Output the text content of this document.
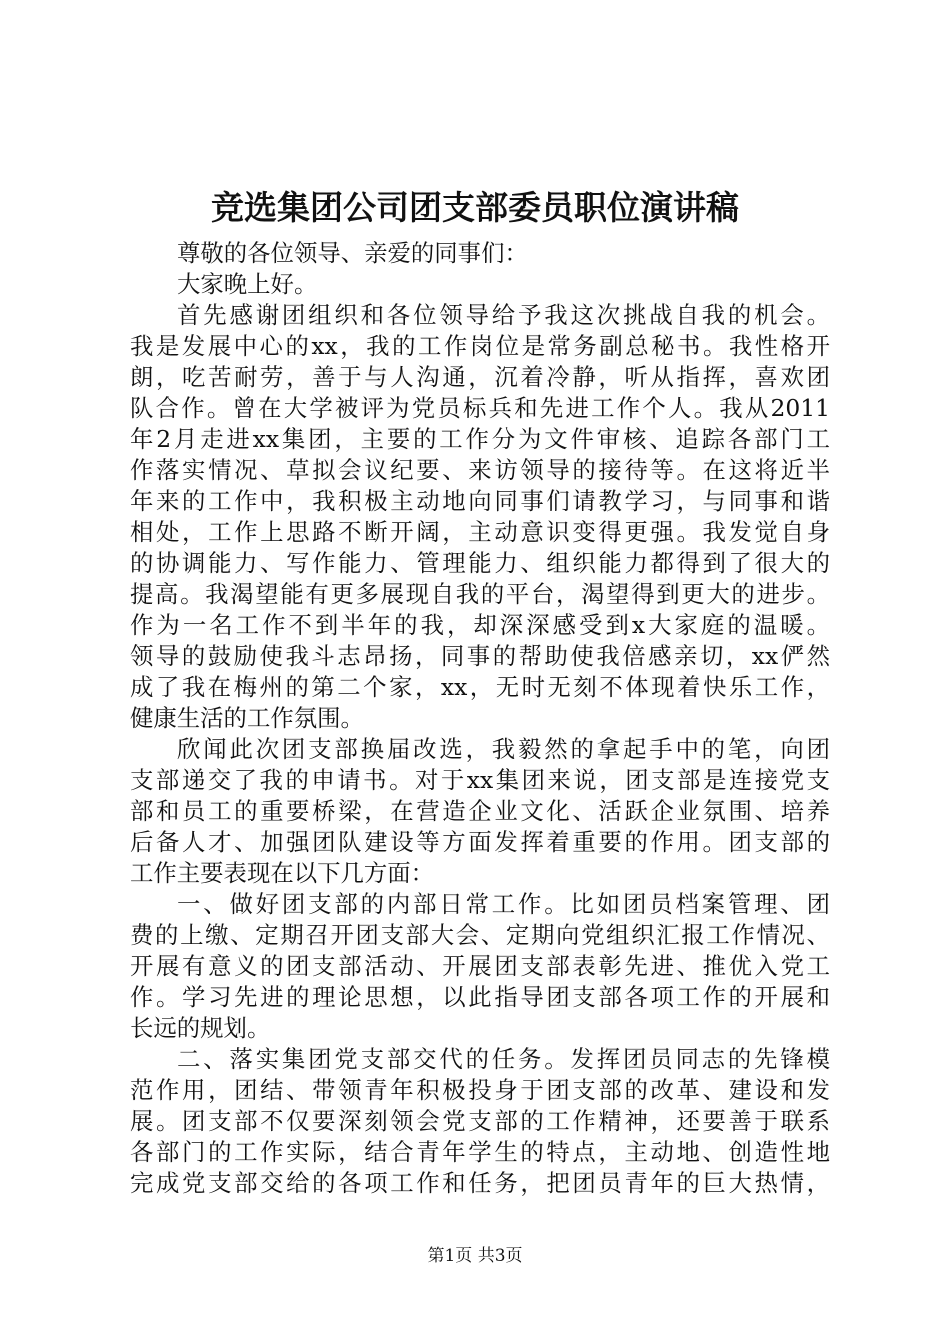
竞选集团公司团支部委员职位演讲稿
尊敬的各位领导、亲爱的同事们：
大家晚上好。
首先感谢团组织和各位领导给予我这次挑战自我的机会。
我是发展中心的xx，我的工作岗位是常务副总秘书。我性格开
朗，吃苦耐劳，善于与人沟通，沉着冷静，听从指挥，喜欢团
队合作。曾在大学被评为党员标兵和先进工作个人。我从2011
年2月走进xx集团，主要的工作分为文件审核、追踪各部门工
作落实情况、草拟会议纪要、来访领导的接待等。在这将近半
年来的工作中，我积极主动地向同事们请教学习，与同事和谐
相处，工作上思路不断开阔，主动意识变得更强。我发觉自身
的协调能力、写作能力、管理能力、组织能力都得到了很大的
提高。我渴望能有更多展现自我的平台，渴望得到更大的进步。
作为一名工作不到半年的我，却深深感受到x大家庭的温暖。
领导的鼓励使我斗志昂扬，同事的帮助使我倍感亲切，xx俨然
成了我在梅州的第二个家，xx，无时无刻不体现着快乐工作，
健康生活的工作氛围。
欣闻此次团支部换届改选，我毅然的拿起手中的笔，向团
支部递交了我的申请书。对于xx集团来说，团支部是连接党支
部和员工的重要桥梁，在营造企业文化、活跃企业氛围、培养
后备人才、加强团队建设等方面发挥着重要的作用。团支部的
工作主要表现在以下几方面：
一、做好团支部的内部日常工作。比如团员档案管理、团
费的上缴、定期召开团支部大会、定期向党组织汇报工作情况、
开展有意义的团支部活动、开展团支部表彰先进、推优入党工
作。学习先进的理论思想，以此指导团支部各项工作的开展和
长远的规划。
二、落实集团党支部交代的任务。发挥团员同志的先锋模
范作用，团结、带领青年积极投身于团支部的改革、建设和发
展。团支部不仅要深刻领会党支部的工作精神，还要善于联系
各部门的工作实际，结合青年学生的特点，主动地、创造性地
完成党支部交给的各项工作和任务，把团员青年的巨大热情，
第1页 共3页
